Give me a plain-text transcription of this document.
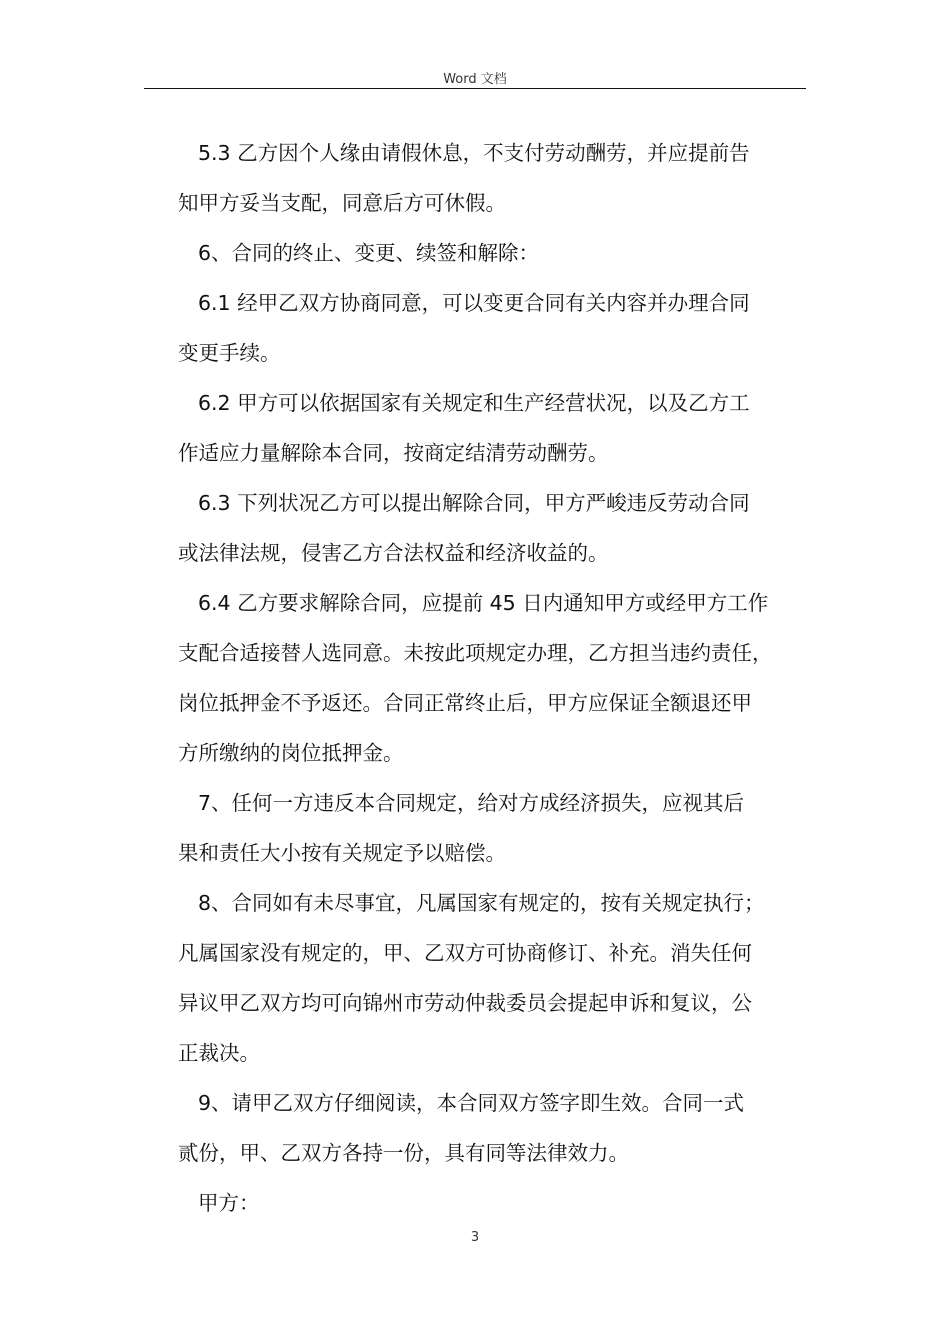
Word 文档
5.3 乙方因个人缘由请假休息，不支付劳动酬劳，并应提前告
知甲方妥当支配，同意后方可休假。
6、合同的终止、变更、续签和解除：
6.1 经甲乙双方协商同意，可以变更合同有关内容并办理合同
变更手续。
6.2 甲方可以依据国家有关规定和生产经营状况，以及乙方工
作适应力量解除本合同，按商定结清劳动酬劳。
6.3 下列状况乙方可以提出解除合同，甲方严峻违反劳动合同
或法律法规，侵害乙方合法权益和经济收益的。
6.4 乙方要求解除合同，应提前 45 日内通知甲方或经甲方工作
支配合适接替人选同意。未按此项规定办理，乙方担当违约责任，
岗位抵押金不予返还。合同正常终止后，甲方应保证全额退还甲
方所缴纳的岗位抵押金。
7、任何一方违反本合同规定，给对方成经济损失，应视其后
果和责任大小按有关规定予以赔偿。
8、合同如有未尽事宜，凡属国家有规定的，按有关规定执行；
凡属国家没有规定的，甲、乙双方可协商修订、补充。消失任何
异议甲乙双方均可向锦州市劳动仲裁委员会提起申诉和复议，公
正裁决。
9、请甲乙双方仔细阅读，本合同双方签字即生效。合同一式
贰份，甲、乙双方各持一份，具有同等法律效力。
甲方：
3
